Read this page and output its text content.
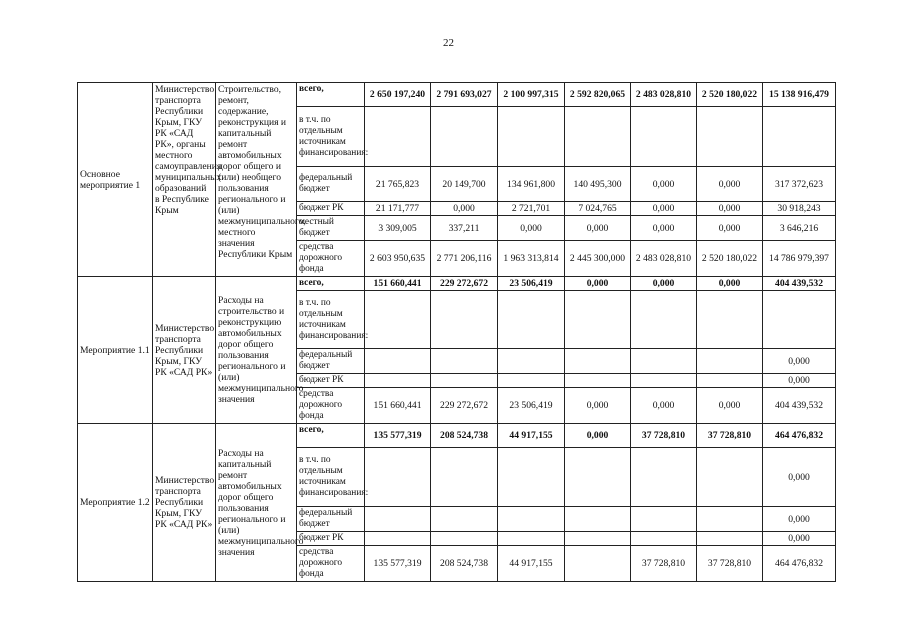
22
Основное мероприятие 1	Министерство транспорта Республики Крым, ГКУ РК «САД РК», органы местного самоуправления муниципальных образований в Республике Крым	Строительство, ремонт, содержание, реконструкция и капитальный ремонт автомобильных дорог общего и (или) необщего пользования регионального и (или) межмуниципального, местного значения Республики Крым	всего,	2 650 197,240	2 791 693,027	2 100 997,315	2 592 820,065	2 483 028,810	2 520 180,022	15 138 916,479
			в т.ч. по отдельным источникам финансирования:							
			федеральный бюджет	21 765,823	20 149,700	134 961,800	140 495,300	0,000	0,000	317 372,623
			бюджет РК	21 171,777	0,000	2 721,701	7 024,765	0,000	0,000	30 918,243
			местный бюджет	3 309,005	337,211	0,000	0,000	0,000	0,000	3 646,216
			средства дорожного фонда	2 603 950,635	2 771 206,116	1 963 313,814	2 445 300,000	2 483 028,810	2 520 180,022	14 786 979,397
Мероприятие 1.1	Министерство транспорта Республики Крым, ГКУ РК «САД РК»	Расходы на строительство и реконструкцию автомобильных дорог общего пользования регионального и (или) межмуниципального значения	всего,	151 660,441	229 272,672	23 506,419	0,000	0,000	0,000	404 439,532
			в т.ч. по отдельным источникам финансирования:							
			федеральный бюджет							0,000
			бюджет РК							0,000
			средства дорожного фонда	151 660,441	229 272,672	23 506,419	0,000	0,000	0,000	404 439,532
Мероприятие 1.2	Министерство транспорта Республики Крым, ГКУ РК «САД РК»	Расходы на капитальный ремонт автомобильных дорог общего пользования регионального и (или) межмуниципального значения	всего,	135 577,319	208 524,738	44 917,155	0,000	37 728,810	37 728,810	464 476,832
			в т.ч. по отдельным источникам финансирования:							0,000
			федеральный бюджет							0,000
			бюджет РК							0,000
			средства дорожного фонда	135 577,319	208 524,738	44 917,155		37 728,810	37 728,810	464 476,832
